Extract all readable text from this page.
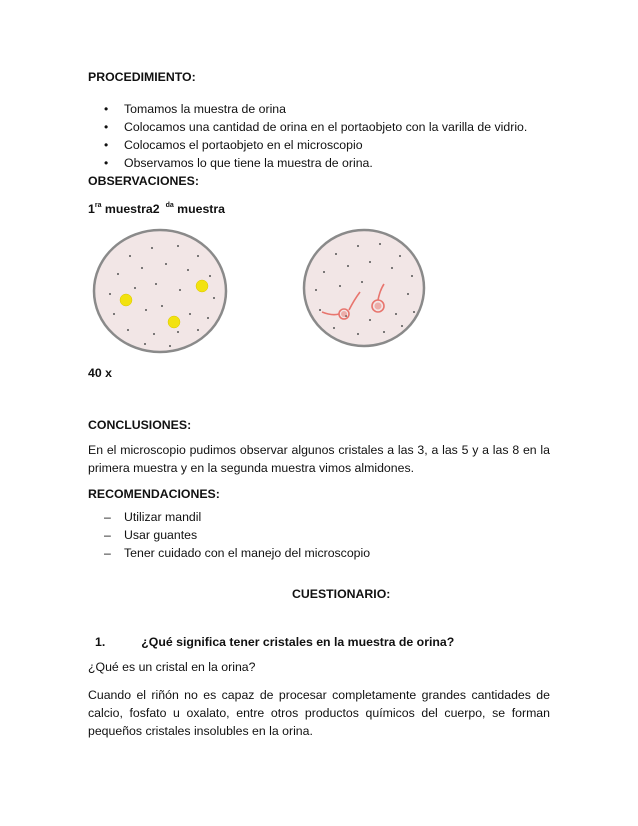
PROCEDIMIENTO:
• Tomamos la muestra de orina
• Colocamos una cantidad de orina en el portaobjeto con la varilla de vidrio.
• Colocamos el portaobjeto en el microscopio
• Observamos lo que tiene la muestra de orina.
OBSERVACIONES:
$1^{ra}$ muestra2 $^{da}$ muestra
40 x
CONCLUSIONES:
En el microscopio pudimos observar algunos cristales a las 3, a las 5 y a las 8 en la primera muestra y en la segunda muestra vimos almidones.
RECOMENDACIONES:
– Utilizar mandil
– Usar guantes
– Tener cuidado con el manejo del microscopio
CUESTIONARIO:
1.	¿Qué significa tener cristales en la muestra de orina?
¿Qué es un cristal en la orina?
Cuando el riñón no es capaz de procesar completamente grandes cantidades de calcio, fosfato u oxalato, entre otros productos químicos del cuerpo, se forman pequeños cristales insolubles en la orina.
